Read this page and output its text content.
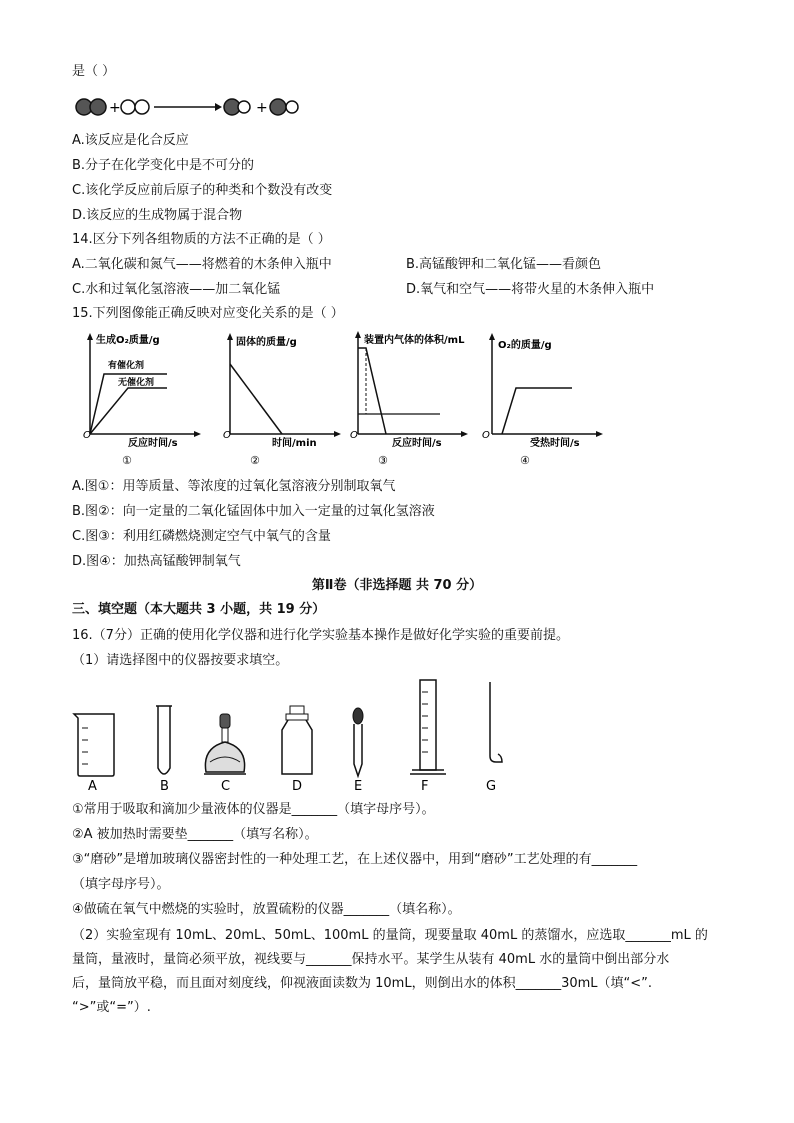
是（ ）
+	+
A.该反应是化合反应
B.分子在化学变化中是不可分的
C.该化学反应前后原子的种类和个数没有改变
D.该反应的生成物属于混合物
14.区分下列各组物质的方法不正确的是（ ）
A.二氧化碳和氮气——将燃着的木条伸入瓶中	B.高锰酸钾和二氧化锰——看颜色
C.水和过氧化氢溶液——加二氧化锰	D.氧气和空气——将带火星的木条伸入瓶中
15.下列图像能正确反映对应变化关系的是（ ）
生成O₂质量/g
O
有催化剂
无催化剂
反应时间/s
①
固体的质量/g
O
时间/min
②
装置内气体的体积/mL
O
反应时间/s
③
O₂的质量/g
O
受热时间/s
④
A.图①：用等质量、等浓度的过氧化氢溶液分别制取氧气
B.图②：向一定量的二氧化锰固体中加入一定量的过氧化氢溶液
C.图③：利用红磷燃烧测定空气中氧气的含量
D.图④：加热高锰酸钾制氧气
第Ⅱ卷（非选择题 共 70 分）
三、填空题（本大题共 3 小题，共 19 分）
16.（7分）正确的使用化学仪器和进行化学实验基本操作是做好化学实验的重要前提。
（1）请选择图中的仪器按要求填空。
A	B	C	D	E	F	G
①常用于吸取和滴加少量液体的仪器是_______（填字母序号）。
②A 被加热时需要垫_______（填写名称）。
③“磨砂”是增加玻璃仪器密封性的一种处理工艺，在上述仪器中，用到“磨砂”工艺处理的有_______
（填字母序号）。
④做硫在氧气中燃烧的实验时，放置硫粉的仪器_______（填名称）。
（2）实验室现有 10mL、20mL、50mL、100mL 的量筒，现要量取 40mL 的蒸馏水，应选取_______mL 的
量筒，量液时，量筒必须平放，视线要与_______保持水平。某学生从装有 40mL 水的量筒中倒出部分水
后，量筒放平稳，而且面对刻度线，仰视液面读数为 10mL，则倒出水的体积_______30mL（填“<”.
“>”或“=”）.
